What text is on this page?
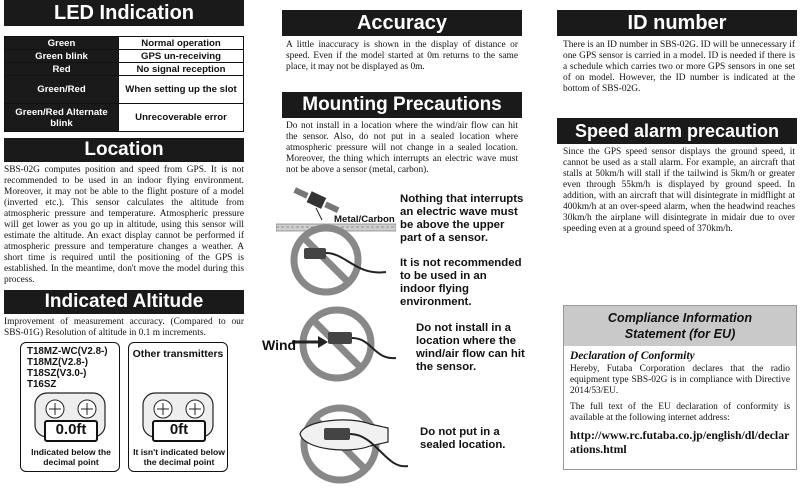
LED Indication
Green	Normal operation
Green blink	GPS un-receiving
Red	No signal reception
Green/Red	When setting up the slot
Green/Red Alternate blink	Unrecoverable error
Location

SBS-02G computes position and speed from GPS. It is not recommended to be used in an indoor flying environment. Moreover, it may not be able to the flight posture of a model (inverted etc.). This sensor calculates the altitude from atmospheric pressure and temperature. Atmospheric pressure will get lower as you go up in altitude, using this sensor will estimate the altitude. An exact display cannot be performed if atmospheric pressure and temperature changes a weather. A short time is required until the positioning of the GPS is established. In the meantime, don't move the model during this process.

Indicated Altitude

Improvement of measurement accuracy. (Compared to our SBS-01G) Resolution of altitude in 0.1 m increments.

T18MZ-WC(V2.8-)
T18MZ(V2.8-)
T18SZ(V3.0-)
T16SZ
0.0ft
Indicated below the decimal point
Other transmitters
0ft
It isn't indicated below the decimal point
Accuracy

A little inaccuracy is shown in the display of distance or speed. Even if the model started at 0m returns to the same place, it may not be displayed as 0m.

Mounting Precautions

Do not install in a location where the wind/air flow can hit the sensor. Also, do not put in a sealed location where atmospheric pressure will not change in a sealed location. Moreover, the thing which interrupts an electric wave must not be above a sensor (metal, carbon).

Metal/Carbon
Nothing that interrupts an electric wave must be above the upper part of a sensor.
It is not recommended to be used in an indoor flying environment.
Wind
Do not install in a location where the wind/air flow can hit the sensor.
Do not put in a sealed location.
ID number

There is an ID number in SBS-02G. ID will be unnecessary if one GPS sensor is carried in a model. ID is needed if there is a schedule which carries two or more GPS sensors in one set of on model. However, the ID number is indicated at the bottom of SBS-02G.

Speed alarm precaution

Since the GPS speed sensor displays the ground speed, it cannot be used as a stall alarm. For example, an aircraft that stalls at 50km/h will stall if the tailwind is 5km/h or greater even through 55km/h is displayed by ground speed. In addition, with an aircraft that will disintegrate in midflight at 400km/h at an over-speed alarm, when the headwind reaches 30km/h the airplane will disintegrate in midair due to over speeding even at a ground speed of 370km/h.

Compliance Information Statement (for EU)
Declaration of Conformity

Hereby, Futaba Corporation declares that the radio equipment type SBS-02G is in compliance with Directive 2014/53/EU.

The full text of the EU declaration of conformity is available at the following internet address:

http://www.rc.futaba.co.jp/english/dl/declarations.html
